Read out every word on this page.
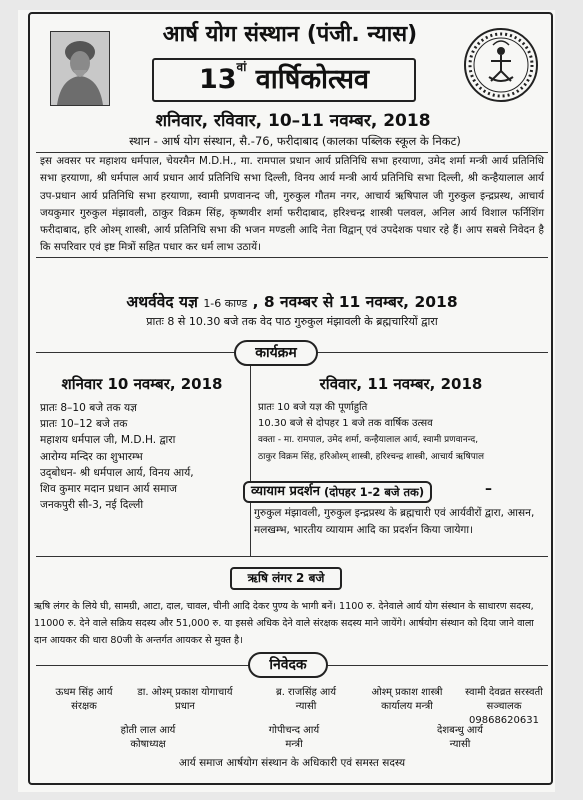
आर्ष योग संस्थान (पंजी. न्यास)
$13^{वां}$ वार्षिकोत्सव
शनिवार, रविवार, 10–11 नवम्बर, 2018
स्थान - आर्ष योग संस्थान, सै.-76, फरीदाबाद (कालका पब्लिक स्कूल के निकट)
इस अवसर पर महाशय धर्मपाल, चेयरमैन M.D.H., मा. रामपाल प्रधान आर्य प्रतिनिधि सभा हरयाणा, उमेद शर्मा मन्त्री आर्य प्रतिनिधि सभा हरयाणा, श्री धर्मपाल आर्य प्रधान आर्य प्रतिनिधि सभा दिल्ली, विनय आर्य मन्त्री आर्य प्रतिनिधि सभा दिल्ली, श्री कन्हैयालाल आर्य उप-प्रधान आर्य प्रतिनिधि सभा हरयाणा, स्वामी प्रणवानन्द जी, गुरुकुल गौतम नगर, आचार्य ऋषिपाल जी गुरुकुल इन्द्रप्रस्थ, आचार्य जयकुमार गुरुकुल मंझावली, ठाकुर विक्रम सिंह, कृष्णवीर शर्मा फरीदाबाद, हरिश्चन्द्र शास्त्री पलवल, अनिल आर्य विशाल फर्निशिंग फरीदाबाद, हरि ओश्म् शास्त्री, आर्य प्रतिनिधि सभा की भजन मण्डली आदि नेता विद्वान् एवं उपदेशक पधार रहे हैं। आप सबसे निवेदन है कि सपरिवार एवं इष्ट मित्रों सहित पधार कर धर्म लाभ उठायें।
अथर्ववेद यज्ञ 1-6 काण्ड , 8 नवम्बर से 11 नवम्बर, 2018
प्रातः 8 से 10.30 बजे तक वेद पाठ गुरुकुल मंझावली के ब्रह्मचारियों द्वारा
कार्यक्रम
शनिवार 10 नवम्बर, 2018
प्रातः 8–10 बजे तक यज्ञ
प्रातः 10–12 बजे तक
महाशय धर्मपाल जी, M.D.H. द्वारा
आरोग्य मन्दिर का शुभारम्भ
उद्‌बोधन- श्री धर्मपाल आर्य, विनय आर्य,
शिव कुमार मदान प्रधान आर्य समाज
जनकपुरी सी-3, नई दिल्ली
रविवार, 11 नवम्बर, 2018
प्रातः 10 बजे यज्ञ की पूर्णाहुति
10.30 बजे से दोपहर 1 बजे तक वार्षिक उत्सव
वक्ता - मा. रामपाल, उमेद शर्मा, कन्हैयालाल आर्य, स्वामी प्रणवानन्द,
ठाकुर विक्रम सिंह, हरिओश्म् शास्त्री, हरिश्चन्द्र शास्त्री, आचार्य ऋषिपाल
व्यायाम प्रदर्शन
(दोपहर 1-2 बजे तक)	–
गुरुकुल मंझावली, गुरुकुल इन्द्रप्रस्थ के ब्रह्मचारी एवं आर्यवीरों द्वारा, आसन, मलखम्भ, भारतीय व्यायाम आदि का प्रदर्शन किया जायेगा।
ऋषि लंगर 2 बजे
ऋषि लंगर के लिये घी, सामग्री, आटा, दाल, चावल, चीनी आदि देकर पुण्य के भागी बनें। 1100 रु. देनेवाले आर्य योग संस्थान के साधारण सदस्य, 11000 रु. देने वाले सक्रिय सदस्य और 51,000 रु. या इससे अधिक देने वाले संरक्षक सदस्य माने जायेंगे। आर्षयोग संस्थान को दिया जाने वाला दान आयकर की धारा 80जी के अन्तर्गत आयकर से मुक्त है।
निवेदक
ऊधम सिंह आर्य
संरक्षक
डा. ओश्म् प्रकाश योगाचार्य
प्रधान
ब्र. राजसिंह आर्य
न्यासी
ओश्म् प्रकाश शास्त्री
कार्यालय मन्त्री
स्वामी देवव्रत सरस्वती
सञ्चालक
09868620631
होती लाल आर्य
कोषाध्यक्ष
गोपीचन्द आर्य
मन्त्री
देशबन्धु आर्य
न्यासी
आर्य समाज आर्षयोग संस्थान के अधिकारी एवं समस्त सदस्य
